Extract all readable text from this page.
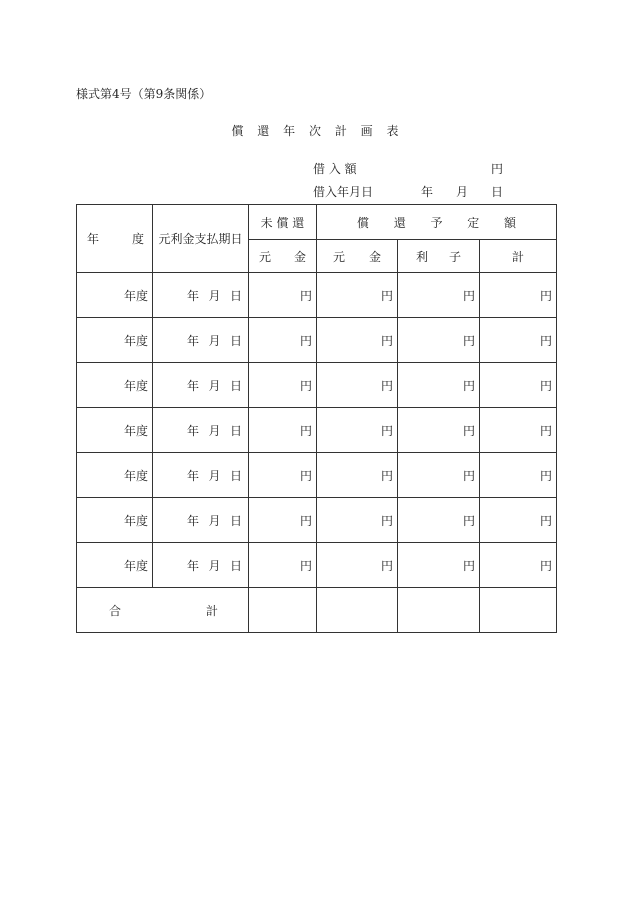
様式第4号（第9条関係）
償 還 年 次 計 画 表
借 入 額	円
借入年月日	年 月 日
年 度	元利金支払期日	未 償 還	償 還 予 定 額		

		元 金	元 金	利 子	計
年度	年 月 日	円	円	円	円
年度	年 月 日	円	円	円	円
年度	年 月 日	円	円	円	円
年度	年 月 日	円	円	円	円
年度	年 月 日	円	円	円	円
年度	年 月 日	円	円	円	円
年度	年 月 日	円	円	円	円

合 計					
